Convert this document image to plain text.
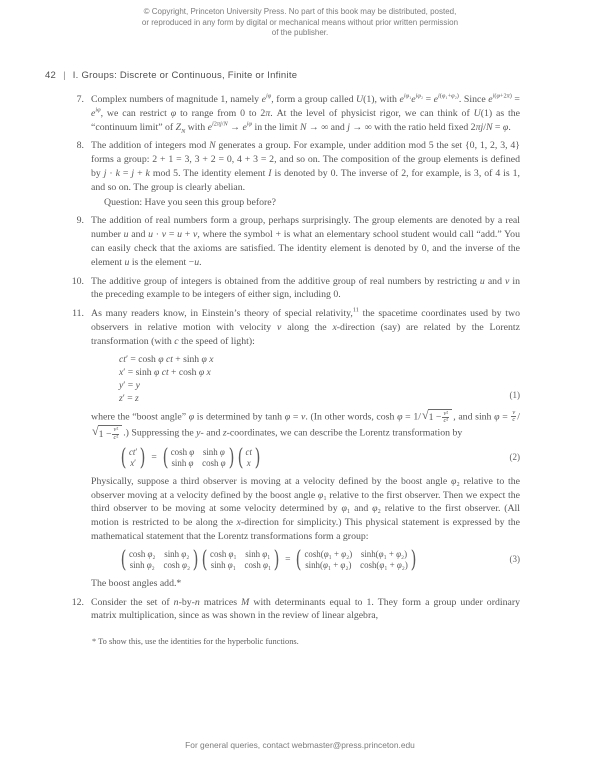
© Copyright, Princeton University Press. No part of this book may be distributed, posted, or reproduced in any form by digital or mechanical means without prior written permission of the publisher.
42 | I. Groups: Discrete or Continuous, Finite or Infinite
7. Complex numbers of magnitude 1, namely $e^{i\varphi}$, form a group called U(1), with $e^{i\varphi_1}e^{i\varphi_2} = e^{i(\varphi_1+\varphi_2)}$. Since $e^{i(\varphi+2\pi)} = e^{i\varphi}$, we can restrict φ to range from 0 to 2π. At the level of physicist rigor, we can think of U(1) as the “continuum limit” of $Z_N$ with $e^{i2\pi j/N} \to e^{i\varphi}$ in the limit N → ∞ and j → ∞ with the ratio held fixed 2πj/N = φ.

8. The addition of integers mod N generates a group. For example, under addition mod 5 the set {0, 1, 2, 3, 4} forms a group: 2 + 1 = 3, 3 + 2 = 0, 4 + 3 = 2, and so on. The composition of the group elements is defined by j · k = j + k mod 5. The identity element I is denoted by 0. The inverse of 2, for example, is 3, of 4 is 1, and so on. The group is clearly abelian.

Question: Have you seen this group before?
9. The addition of real numbers form a group, perhaps surprisingly. The group elements are denoted by a real number u and u · v = u + v, where the symbol + is what an elementary school student would call “add.” You can easily check that the axioms are satisfied. The identity element is denoted by 0, and the inverse of the element u is the element −u.

10. The additive group of integers is obtained from the additive group of real numbers by restricting u and v in the preceding example to be integers of either sign, including 0.

11. As many readers know, in Einstein’s theory of special relativity,$^{11}$ the spacetime coordinates used by two observers in relative motion with velocity v along the x-direction (say) are related by the Lorentz transformation (with c the speed of light):

ct′ = cosh φ ct + sinh φ x
x′ = sinh φ ct + cosh φ x
y′ = y
z′ = z	(1)

where the “boost angle” φ is determined by tanh φ = v. (In other words, cosh φ = 1/ √ $1 - \frac{\text{v²}}{\text{c²}}$ , and $\sinh \varphi = \frac{v}{c}$ /
√ $1 - \frac{\text{v²}}{\text{c²}}$ .) Suppressing the y- and z-coordinates, we can describe the Lorentz transformation by

( ct′
x′ ) = ( cosh φ sinh φ
sinh φ cosh φ ) ( ct
x )	(2)

Physically, suppose a third observer is moving at a velocity defined by the boost angle φ₂ relative to the observer moving at a velocity defined by the boost angle φ₁ relative to the first observer. Then we expect the third observer to be moving at some velocity determined by φ₁ and φ₂ relative to the first observer. (All motion is restricted to be along the x-direction for simplicity.) This physical statement is expressed by the mathematical statement that the Lorentz transformations form a group:

( cosh φ₂ sinh φ₂
sinh φ₂ cosh φ₂ ) ( cosh φ₁ sinh φ₁
sinh φ₁ cosh φ₁ ) = ( cosh(φ₁ + φ₂) sinh(φ₁ + φ₂)
sinh(φ₁ + φ₂) cosh(φ₁ + φ₂) )	(3)

The boost angles add.*

12. Consider the set of n-by-n matrices M with determinants equal to 1. They form a group under ordinary matrix multiplication, since as was shown in the review of linear algebra,

* To show this, use the identities for the hyperbolic functions.
For general queries, contact webmaster@press.princeton.edu
